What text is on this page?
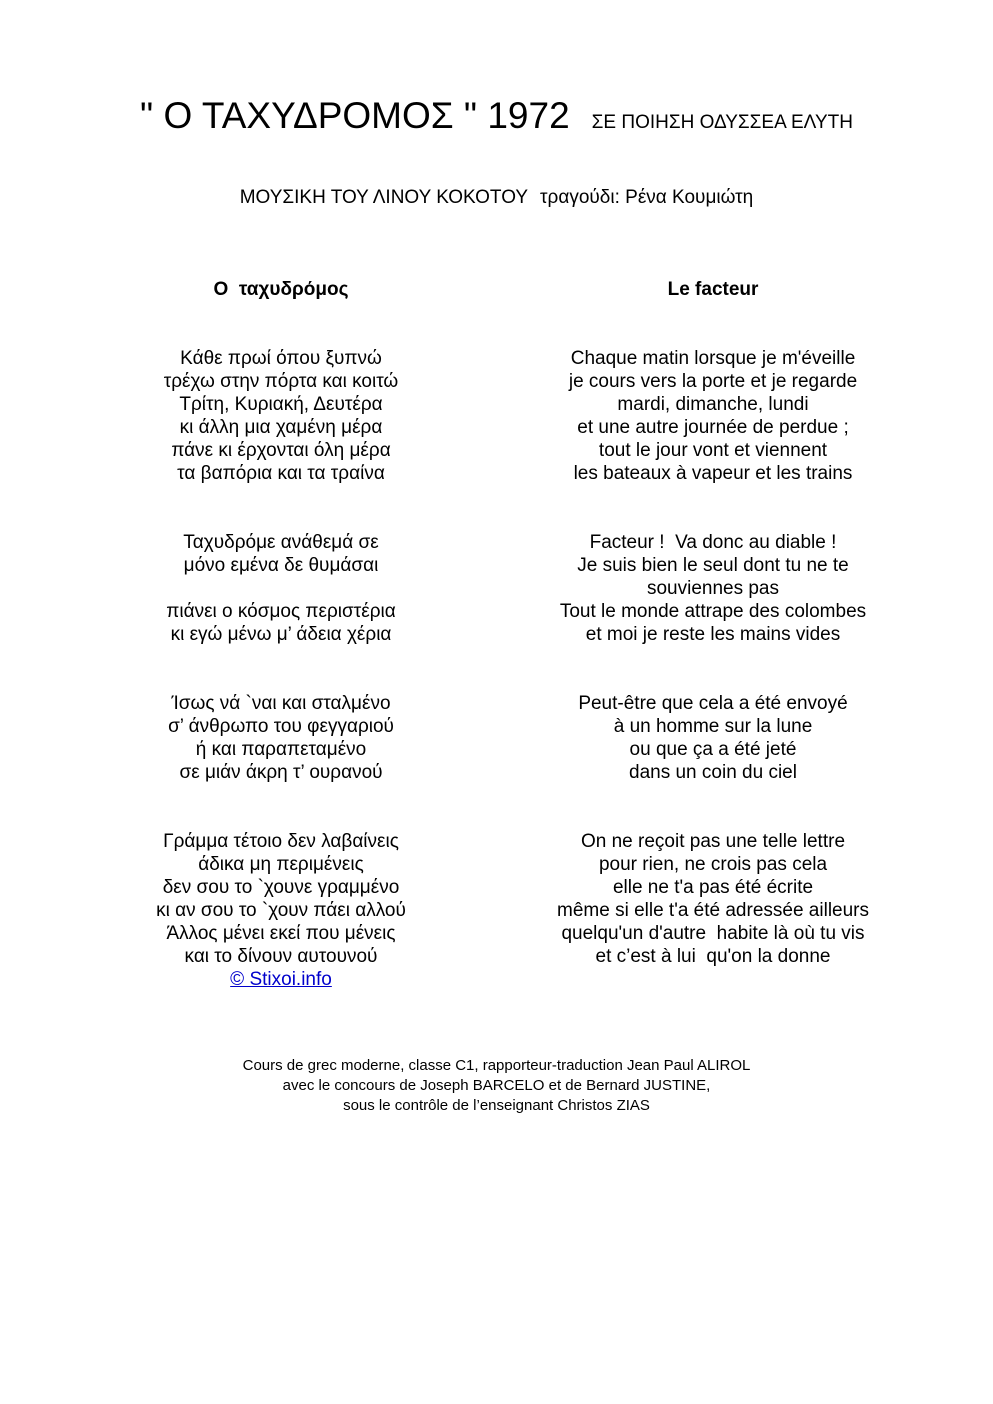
" Ο ΤΑΧΥΔΡΟΜΟΣ " 1972 ΣΕ ΠΟΙΗΣΗ ΟΔΥΣΣΕΑ ΕΛΥΤΗ
ΜΟΥΣΙΚΗ ΤΟΥ ΛΙΝΟΥ ΚΟΚΟΤΟΥ τραγούδι: Ρένα Κουμιώτη
Ο  ταχυδρόμος
Κάθε πρωί όπου ξυπνώ
τρέχω στην πόρτα και κοιτώ
Τρίτη, Κυριακή, Δευτέρα
κι άλλη μια χαμένη μέρα
πάνε κι έρχονται όλη μέρα
τα βαπόρια και τα τραίνα
Ταχυδρόμε ανάθεμά σε
μόνο εμένα δε θυμάσαι
πιάνει ο κόσμος περιστέρια
κι εγώ μένω μ’ άδεια χέρια
Ίσως νά `ναι και σταλμένο
σ’ άνθρωπο του φεγγαριού
ή και παραπεταμένο
σε μιάν άκρη τ’ ουρανού
Γράμμα τέτοιο δεν λαβαίνεις
άδικα μη περιμένεις
δεν σου το `χουνε γραμμένο
κι αν σου το `χουν πάει αλλού
Άλλος μένει εκεί που μένεις
και το δίνουν αυτουνού
© Stixoi.info
Le facteur
Chaque matin lorsque je m'éveille
je cours vers la porte et je regarde
mardi, dimanche, lundi
et une autre journée de perdue ;
tout le jour vont et viennent
les bateaux à vapeur et les trains
Facteur !  Va donc au diable !
Je suis bien le seul dont tu ne te
souviennes pas
Tout le monde attrape des colombes
et moi je reste les mains vides
Peut-être que cela a été envoyé
à un homme sur la lune
ou que ça a été jeté
dans un coin du ciel
On ne reçoit pas une telle lettre
pour rien, ne crois pas cela
elle ne t'a pas été écrite
même si elle t'a été adressée ailleurs
quelqu'un d'autre  habite là où tu vis
et c’est à lui  qu'on la donne
Cours de grec moderne, classe C1, rapporteur-traduction Jean Paul ALIROL
avec le concours de Joseph BARCELO et de Bernard JUSTINE,
sous le contrôle de l’enseignant Christos ZIAS
